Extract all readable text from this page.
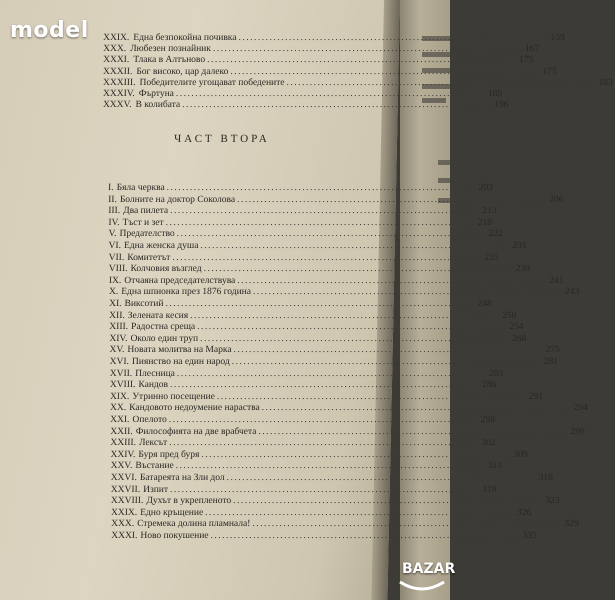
XXIX. Една безпокойна почивка ................................................................................ 159
XXX. Любезен познайник ................................................................................ 167
XXXI. Тлака в Алтъново ................................................................................ 175
XXXII. Бог високо, цар далеко ................................................................................ 175
XXXIII. Победителите угощават победените ................................................................................ 183
XXXIV. Фъртуна ................................................................................ 189
XXXV. В колибата ................................................................................ 196
ЧАСТ ВТОРА
I. Бяла черква ................................................................................ 203
II. Болните на доктор Соколова ................................................................................ 206
III. Два пилета ................................................................................ 213
IV. Тъст и зет ................................................................................ 218
V. Предателство ................................................................................ 222
VI. Една женска душа ................................................................................ 231
VII. Комитетът ................................................................................ 235
VIII. Колчовия възглед ................................................................................ 239
IX. Отчаяна председателствува ................................................................................ 241
X. Една шпионка през 1876 година ................................................................................ 243
XI. Виксотий ................................................................................ 248
XII. Зелената кесия ................................................................................ 250
XIII. Радостна среща ................................................................................ 254
XIV. Около един труп ................................................................................ 268
XV. Новата молитва на Марка ................................................................................ 275
XVI. Пиянство на един народ ................................................................................ 281
XVII. Плесница ................................................................................ 283
XVIII. Кандов ................................................................................ 286
XIX. Утринно посещение ................................................................................ 291
XX. Кандовото недоумение нараства ................................................................................ 294
XXI. Опелото ................................................................................ 298
XXII. Философията на две врабчета ................................................................................ 299
XXIII. Лексът ................................................................................ 302
XXIV. Буря пред буря ................................................................................ 309
XXV. Въстание ................................................................................ 313
XXVI. Батареята на Зли дол ................................................................................ 316
XXVII. Изпит ................................................................................ 319
XXVIII. Духът в укрепленото ................................................................................ 323
XXIX. Едно кръщение ................................................................................ 326
XXX. Стремека долина пламнала! ................................................................................ 329
XXXI. Ново покушение ................................................................................ 335
model
BAZAR
